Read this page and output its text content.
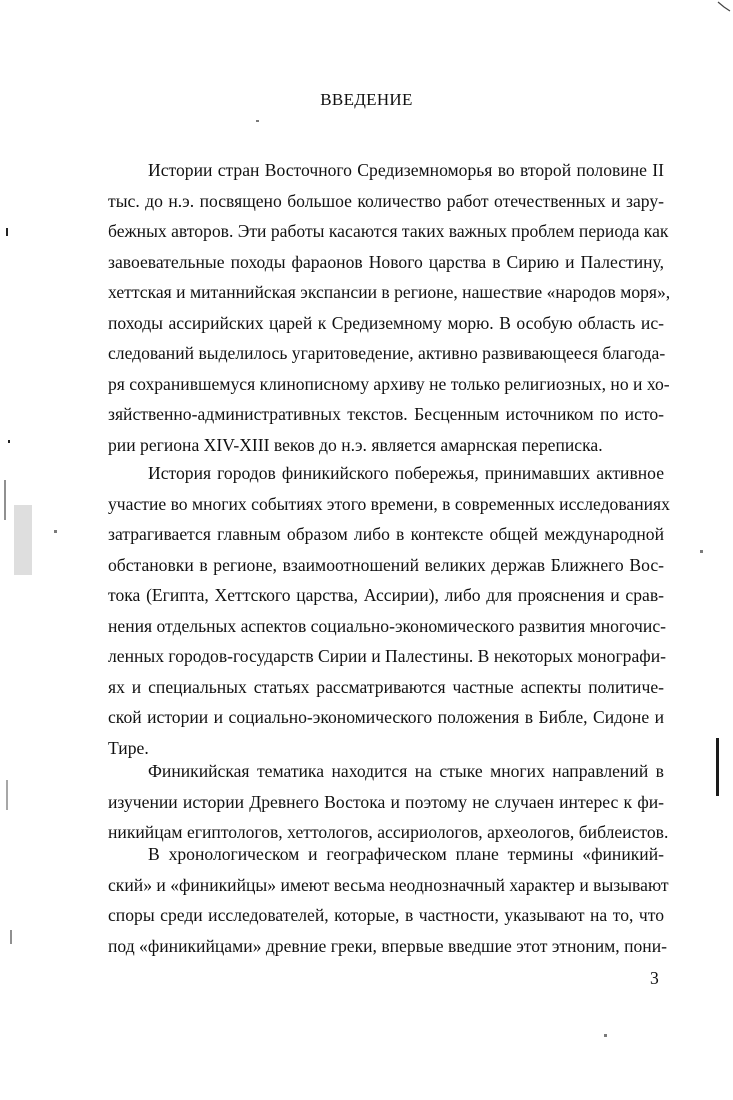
ВВЕДЕНИЕ
Истории стран Восточного Средиземноморья во второй половине II
тыс. до н.э. посвящено большое количество работ отечественных и зару-
бежных авторов. Эти работы касаются таких важных проблем периода как
завоевательные походы фараонов Нового царства в Сирию и Палестину,
хеттская и митаннийская экспансии в регионе, нашествие «народов моря»,
походы ассирийских царей к Средиземному морю. В особую область ис-
следований выделилось угаритоведение, активно развивающееся благода-
ря сохранившемуся клинописному архиву не только религиозных, но и хо-
зяйственно-административных текстов. Бесценным источником по исто-
рии региона XIV-XIII веков до н.э. является амарнская переписка.
История городов финикийского побережья, принимавших активное
участие во многих событиях этого времени, в современных исследованиях
затрагивается главным образом либо в контексте общей международной
обстановки в регионе, взаимоотношений великих держав Ближнего Вос-
тока (Египта, Хеттского царства, Ассирии), либо для прояснения и срав-
нения отдельных аспектов социально-экономического развития многочис-
ленных городов-государств Сирии и Палестины. В некоторых монографи-
ях и специальных статьях рассматриваются частные аспекты политиче-
ской истории и социально-экономического положения в Библе, Сидоне и
Тире.
Финикийская тематика находится на стыке многих направлений в
изучении истории Древнего Востока и поэтому не случаен интерес к фи-
никийцам египтологов, хеттологов, ассириологов, археологов, библеистов.
В хронологическом и географическом плане термины «финикий-
ский» и «финикийцы» имеют весьма неоднозначный характер и вызывают
споры среди исследователей, которые, в частности, указывают на то, что
под «финикийцами» древние греки, впервые введшие этот этноним, пони-
3
